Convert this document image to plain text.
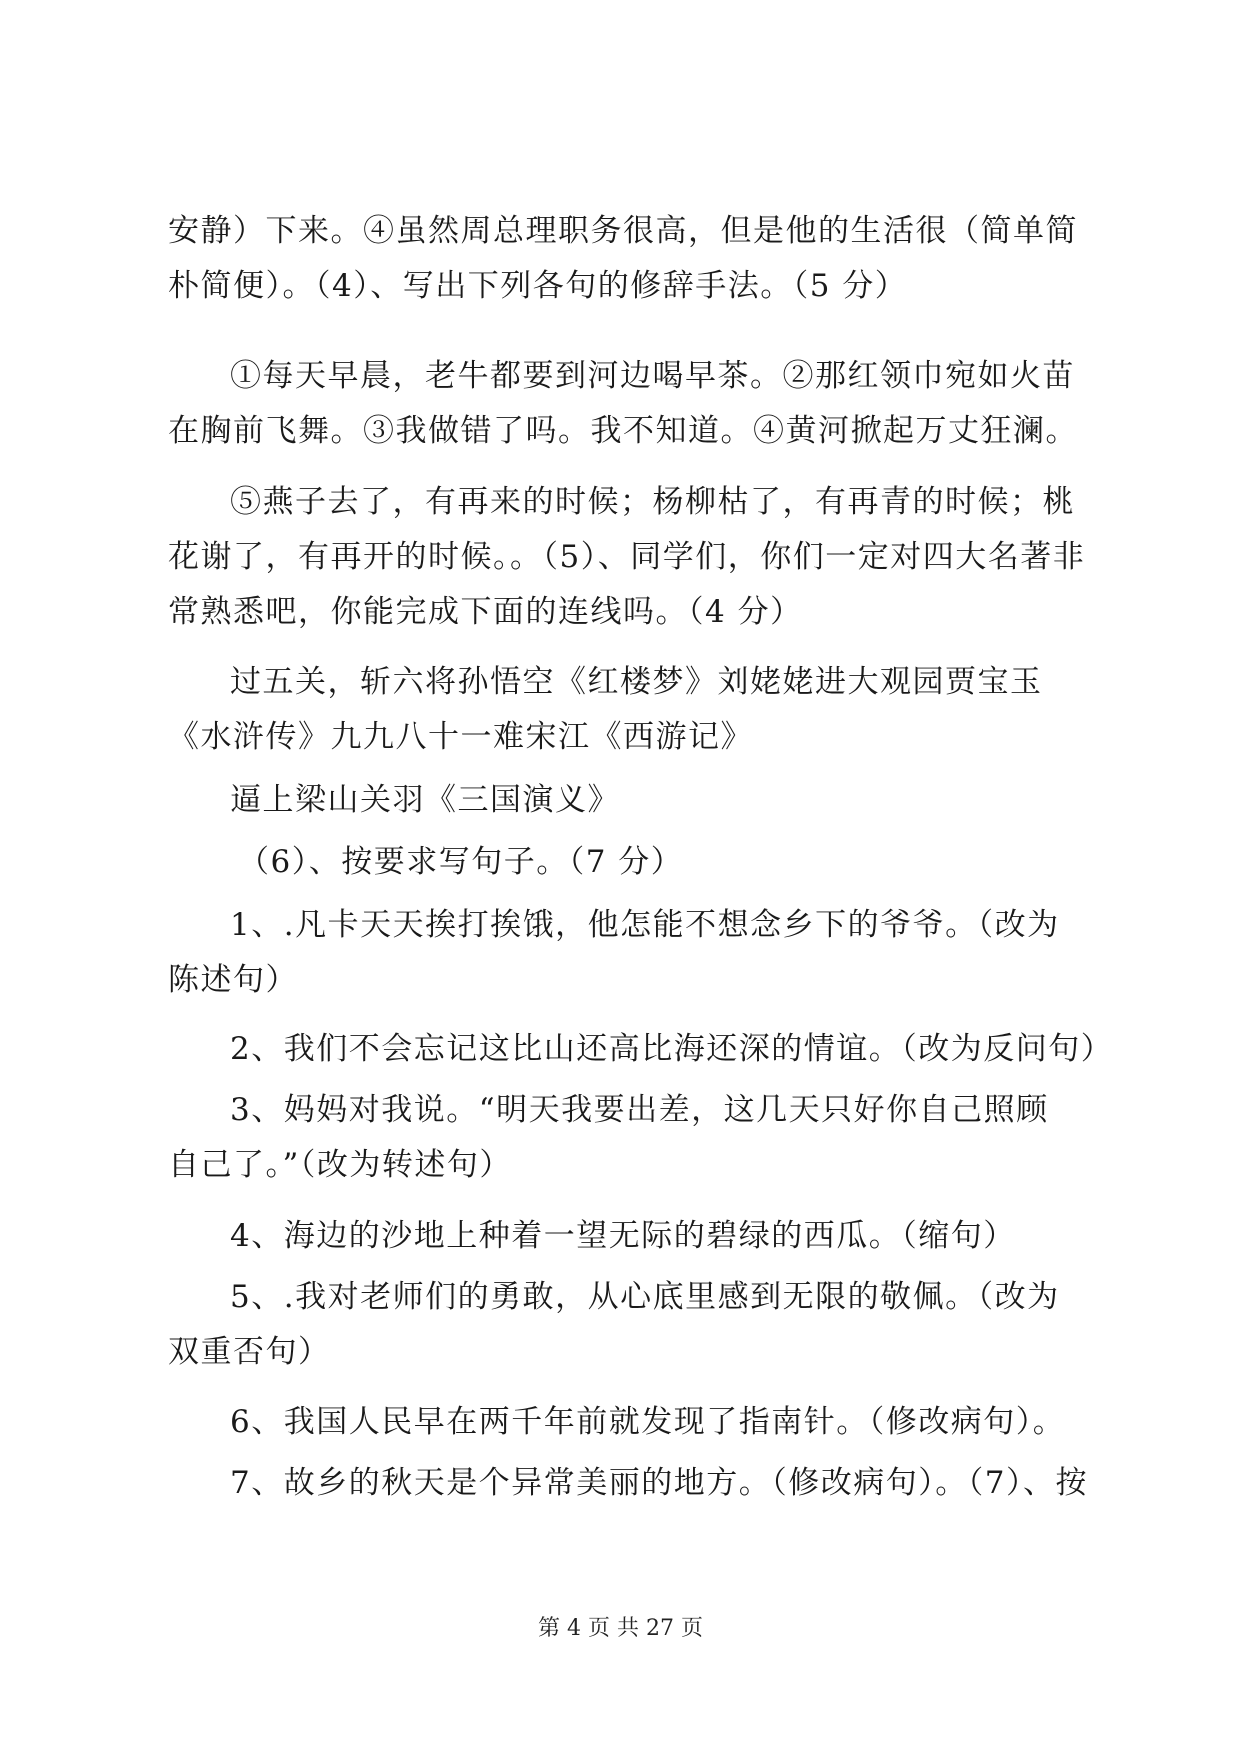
安静）下来。④虽然周总理职务很高，但是他的生活很（简单简
朴简便）。（4）、写出下列各句的修辞手法。（5 分）
①每天早晨，老牛都要到河边喝早茶。②那红领巾宛如火苗
在胸前飞舞。③我做错了吗。我不知道。④黄河掀起万丈狂澜。
⑤燕子去了，有再来的时候；杨柳枯了，有再青的时候；桃
花谢了，有再开的时候。。（5）、同学们，你们一定对四大名著非
常熟悉吧，你能完成下面的连线吗。（4 分）
过五关，斩六将孙悟空《红楼梦》刘姥姥进大观园贾宝玉
《水浒传》九九八十一难宋江《西游记》
逼上梁山关羽《三国演义》
（6）、按要求写句子。（7 分）
1、.凡卡天天挨打挨饿，他怎能不想念乡下的爷爷。（改为
陈述句）
2、我们不会忘记这比山还高比海还深的情谊。（改为反问句）
3、妈妈对我说。“明天我要出差，这几天只好你自己照顾
自己了。”（改为转述句）
4、海边的沙地上种着一望无际的碧绿的西瓜。（缩句）
5、.我对老师们的勇敢，从心底里感到无限的敬佩。（改为
双重否句）
6、我国人民早在两千年前就发现了指南针。（修改病句）。
7、故乡的秋天是个异常美丽的地方。（修改病句）。（7）、按
第 4 页 共 27 页
